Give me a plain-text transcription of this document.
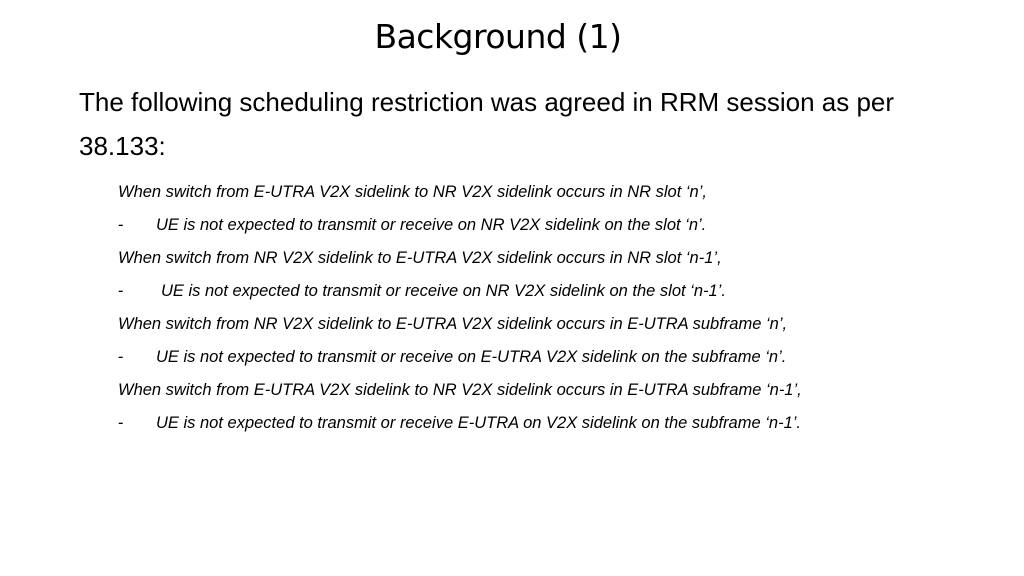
Background (1)
The following scheduling restriction was agreed in RRM session as per 38.133:
When switch from E-UTRA V2X sidelink to NR V2X sidelink occurs in NR slot ‘n’,
- UE is not expected to transmit or receive on NR V2X sidelink on the slot ‘n’.
When switch from NR V2X sidelink to E-UTRA V2X sidelink occurs in NR slot ‘n-1’,
- UE is not expected to transmit or receive on NR V2X sidelink on the slot ‘n-1’.
When switch from NR V2X sidelink to E-UTRA V2X sidelink occurs in E-UTRA subframe ‘n’,
- UE is not expected to transmit or receive on E-UTRA V2X sidelink on the subframe ‘n’.
When switch from E-UTRA V2X sidelink to NR V2X sidelink occurs in E-UTRA subframe ‘n-1’,
- UE is not expected to transmit or receive E-UTRA on V2X sidelink on the subframe ‘n-1’.
